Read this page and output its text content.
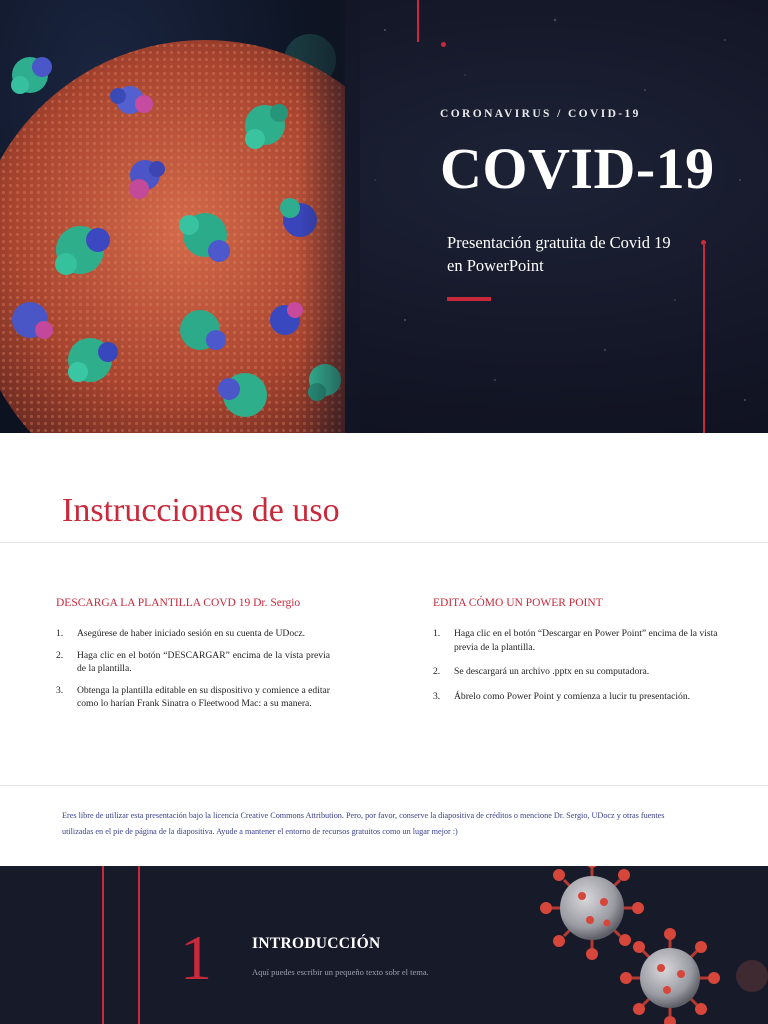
CORONAVIRUS / COVID-19
COVID-19
Presentación gratuita de Covid 19 en PowerPoint
Instrucciones de uso
DESCARGA LA PLANTILLA COVD 19 Dr. Sergio
1.	Asegúrese de haber iniciado sesión en su cuenta de UDocz.
2.	Haga clic en el botón “DESCARGAR” encima de la vista previa de la plantilla.
3.	Obtenga la plantilla editable en su dispositivo y comience a editar como lo harían Frank Sinatra o Fleetwood Mac: a su manera.
EDITA CÓMO UN POWER POINT
1.	Haga clic en el botón “Descargar en Power Point” encima de la vista previa de la plantilla.
2.	Se descargará un archivo .pptx en su computadora.
3.	Ábrelo como Power Point y comienza a lucir tu presentación.
Eres libre de utilizar esta presentación bajo la licencia Creative Commons Attribution. Pero, por favor, conserve la diapositiva de créditos o mencione Dr. Sergio, UDocz y otras fuentes utilizadas en el pie de página de la diapositiva. Ayude a mantener el entorno de recursos gratuitos como un lugar mejor :)
1	INTRODUCCIÓN
Aquí puedes escribir un pequeño texto sobr el tema.
